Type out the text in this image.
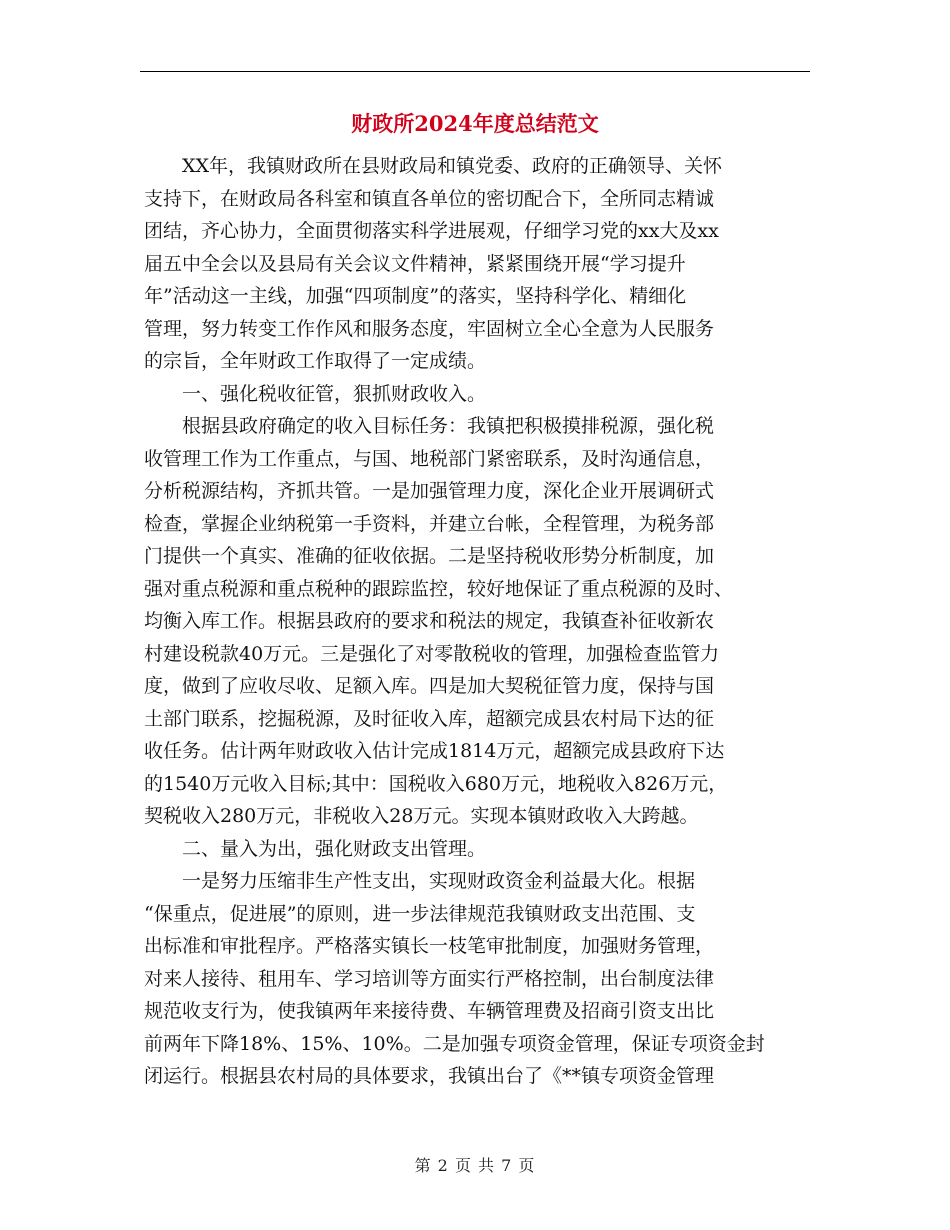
财政所2024年度总结范文
XX年，我镇财政所在县财政局和镇党委、政府的正确领导、关怀
支持下，在财政局各科室和镇直各单位的密切配合下，全所同志精诚
团结，齐心协力，全面贯彻落实科学进展观，仔细学习党的xx大及xx
届五中全会以及县局有关会议文件精神，紧紧围绕开展“学习提升
年”活动这一主线，加强“四项制度”的落实，坚持科学化、精细化
管理，努力转变工作作风和服务态度，牢固树立全心全意为人民服务
的宗旨，全年财政工作取得了一定成绩。
一、强化税收征管，狠抓财政收入。
根据县政府确定的收入目标任务：我镇把积极摸排税源，强化税
收管理工作为工作重点，与国、地税部门紧密联系，及时沟通信息，
分析税源结构，齐抓共管。一是加强管理力度，深化企业开展调研式
检查，掌握企业纳税第一手资料，并建立台帐，全程管理，为税务部
门提供一个真实、准确的征收依据。二是坚持税收形势分析制度，加
强对重点税源和重点税种的跟踪监控，较好地保证了重点税源的及时、
均衡入库工作。根据县政府的要求和税法的规定，我镇查补征收新农
村建设税款40万元。三是强化了对零散税收的管理，加强检查监管力
度，做到了应收尽收、足额入库。四是加大契税征管力度，保持与国
土部门联系，挖掘税源，及时征收入库，超额完成县农村局下达的征
收任务。估计两年财政收入估计完成1814万元，超额完成县政府下达
的1540万元收入目标;其中：国税收入680万元，地税收入826万元，
契税收入280万元，非税收入28万元。实现本镇财政收入大跨越。
二、量入为出，强化财政支出管理。
一是努力压缩非生产性支出，实现财政资金利益最大化。根据
“保重点，促进展”的原则，进一步法律规范我镇财政支出范围、支
出标准和审批程序。严格落实镇长一枝笔审批制度，加强财务管理，
对来人接待、租用车、学习培训等方面实行严格控制，出台制度法律
规范收支行为，使我镇两年来接待费、车辆管理费及招商引资支出比
前两年下降18%、15%、10%。二是加强专项资金管理，保证专项资金封
闭运行。根据县农村局的具体要求，我镇出台了《**镇专项资金管理
第 2 页 共 7 页
